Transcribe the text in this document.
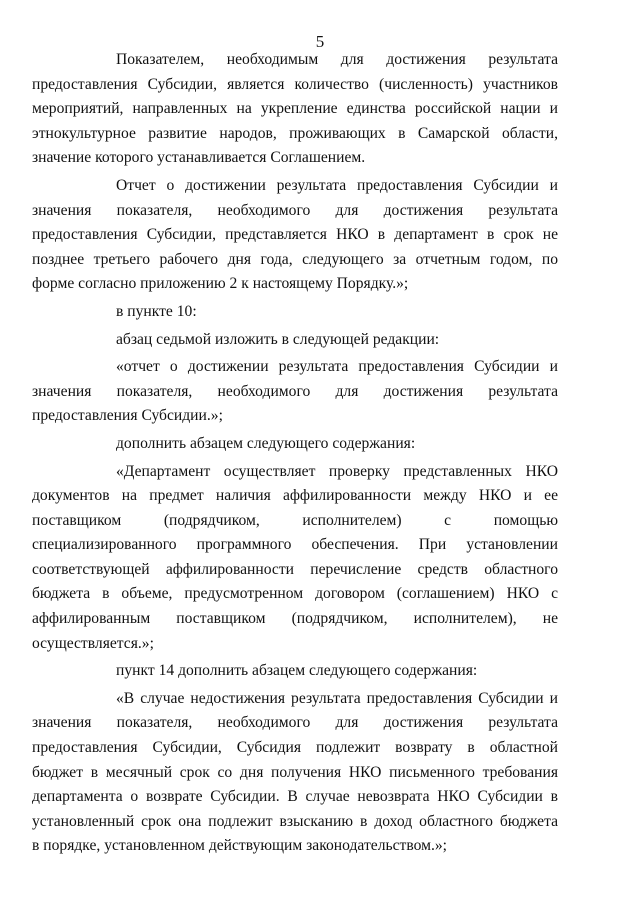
5
Показателем, необходимым для достижения результата
предоставления Субсидии, является количество (численность) участников
мероприятий, направленных на укрепление единства российской нации и
этнокультурное развитие народов, проживающих в Самарской области,
значение которого устанавливается Соглашением.
Отчет о достижении результата предоставления Субсидии и
значения показателя, необходимого для достижения результата
предоставления Субсидии, представляется НКО в департамент в срок не
позднее третьего рабочего дня года, следующего за отчетным годом, по
форме согласно приложению 2 к настоящему Порядку.»;
в пункте 10:
абзац седьмой изложить в следующей редакции:
«отчет о достижении результата предоставления Субсидии и
значения показателя, необходимого для достижения результата
предоставления Субсидии.»;
дополнить абзацем следующего содержания:
«Департамент осуществляет проверку представленных НКО
документов на предмет наличия аффилированности между НКО и ее
поставщиком (подрядчиком, исполнителем) с помощью
специализированного программного обеспечения. При установлении
соответствующей аффилированности перечисление средств областного
бюджета в объеме, предусмотренном договором (соглашением) НКО с
аффилированным поставщиком (подрядчиком, исполнителем), не
осуществляется.»;
пункт 14 дополнить абзацем следующего содержания:
«В случае недостижения результата предоставления Субсидии и
значения показателя, необходимого для достижения результата
предоставления Субсидии, Субсидия подлежит возврату в областной
бюджет в месячный срок со дня получения НКО письменного требования
департамента о возврате Субсидии. В случае невозврата НКО Субсидии в
установленный срок она подлежит взысканию в доход областного бюджета
в порядке, установленном действующим законодательством.»;
